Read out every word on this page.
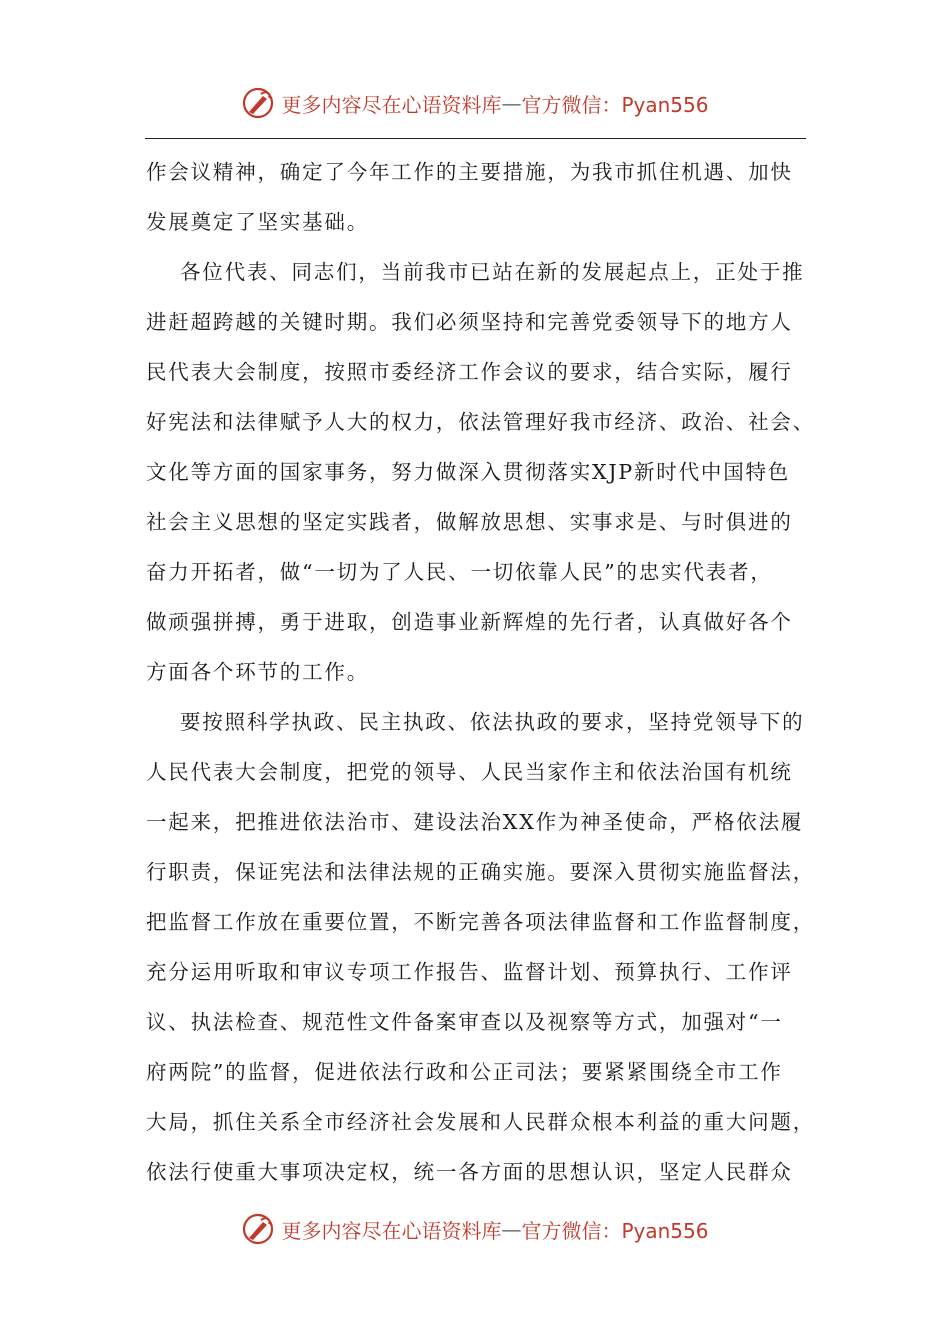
更多内容尽在心语资料库 — 官方微信：Pyan556
作会议精神，确定了今年工作的主要措施，为我市抓住机遇、加快
发展奠定了坚实基础。
各位代表、同志们，当前我市已站在新的发展起点上，正处于推
进赶超跨越的关键时期。我们必须坚持和完善党委领导下的地方人
民代表大会制度，按照市委经济工作会议的要求，结合实际，履行
好宪法和法律赋予人大的权力，依法管理好我市经济、政治、社会、
文化等方面的国家事务，努力做深入贯彻落实XJP新时代中国特色
社会主义思想的坚定实践者，做解放思想、实事求是、与时俱进的
奋力开拓者，做“一切为了人民、一切依靠人民”的忠实代表者，
做顽强拼搏，勇于进取，创造事业新辉煌的先行者，认真做好各个
方面各个环节的工作。
要按照科学执政、民主执政、依法执政的要求，坚持党领导下的
人民代表大会制度，把党的领导、人民当家作主和依法治国有机统
一起来，把推进依法治市、建设法治XX作为神圣使命，严格依法履
行职责，保证宪法和法律法规的正确实施。要深入贯彻实施监督法，
把监督工作放在重要位置，不断完善各项法律监督和工作监督制度，
充分运用听取和审议专项工作报告、监督计划、预算执行、工作评
议、执法检查、规范性文件备案审查以及视察等方式，加强对“一
府两院”的监督，促进依法行政和公正司法；要紧紧围绕全市工作
大局，抓住关系全市经济社会发展和人民群众根本利益的重大问题，
依法行使重大事项决定权，统一各方面的思想认识，坚定人民群众
更多内容尽在心语资料库 — 官方微信：Pyan556
